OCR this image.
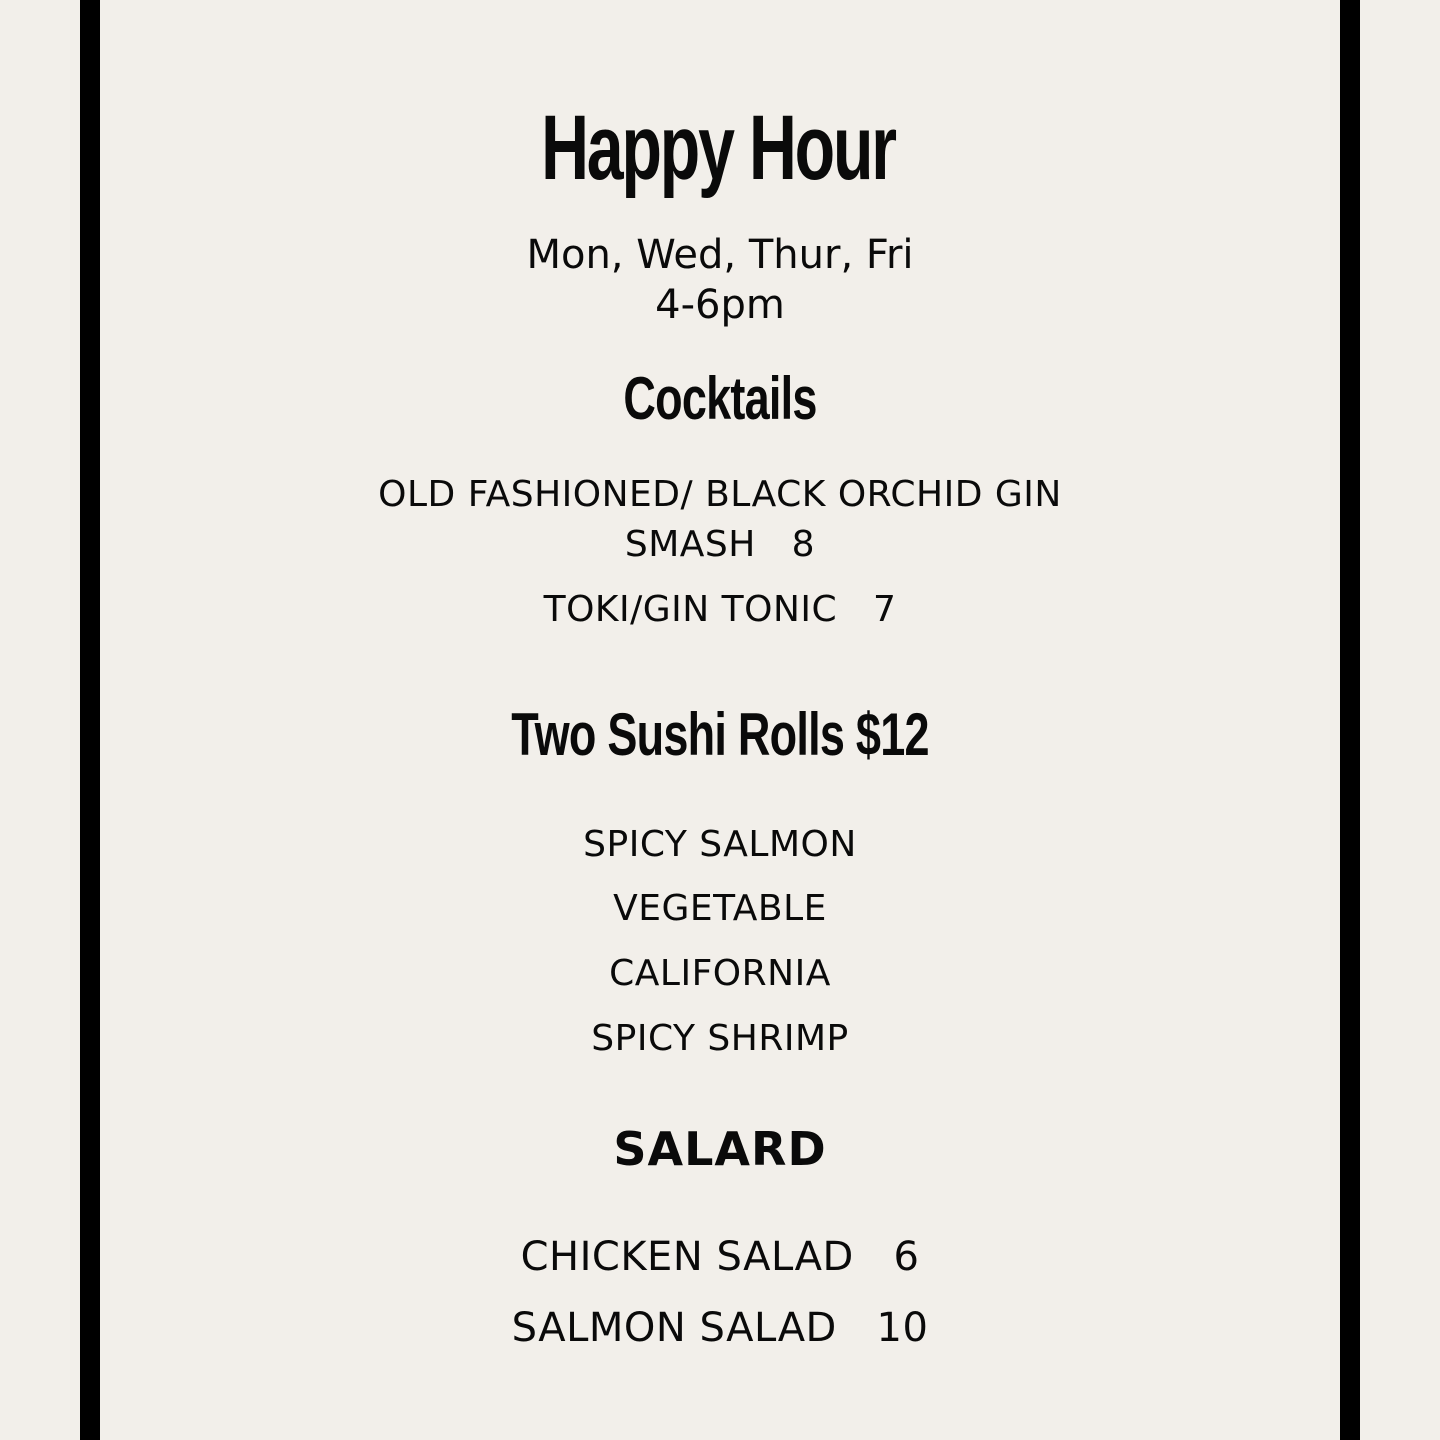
Happy Hour

Mon, Wed, Thur, Fri

4-6pm

Cocktails

OLD FASHIONED/ BLACK ORCHID GIN

SMASH   8

TOKI/GIN TONIC   7

Two Sushi Rolls $12

SPICY SALMON

VEGETABLE

CALIFORNIA

SPICY SHRIMP

SALARD

CHICKEN SALAD   6

SALMON SALAD   10
